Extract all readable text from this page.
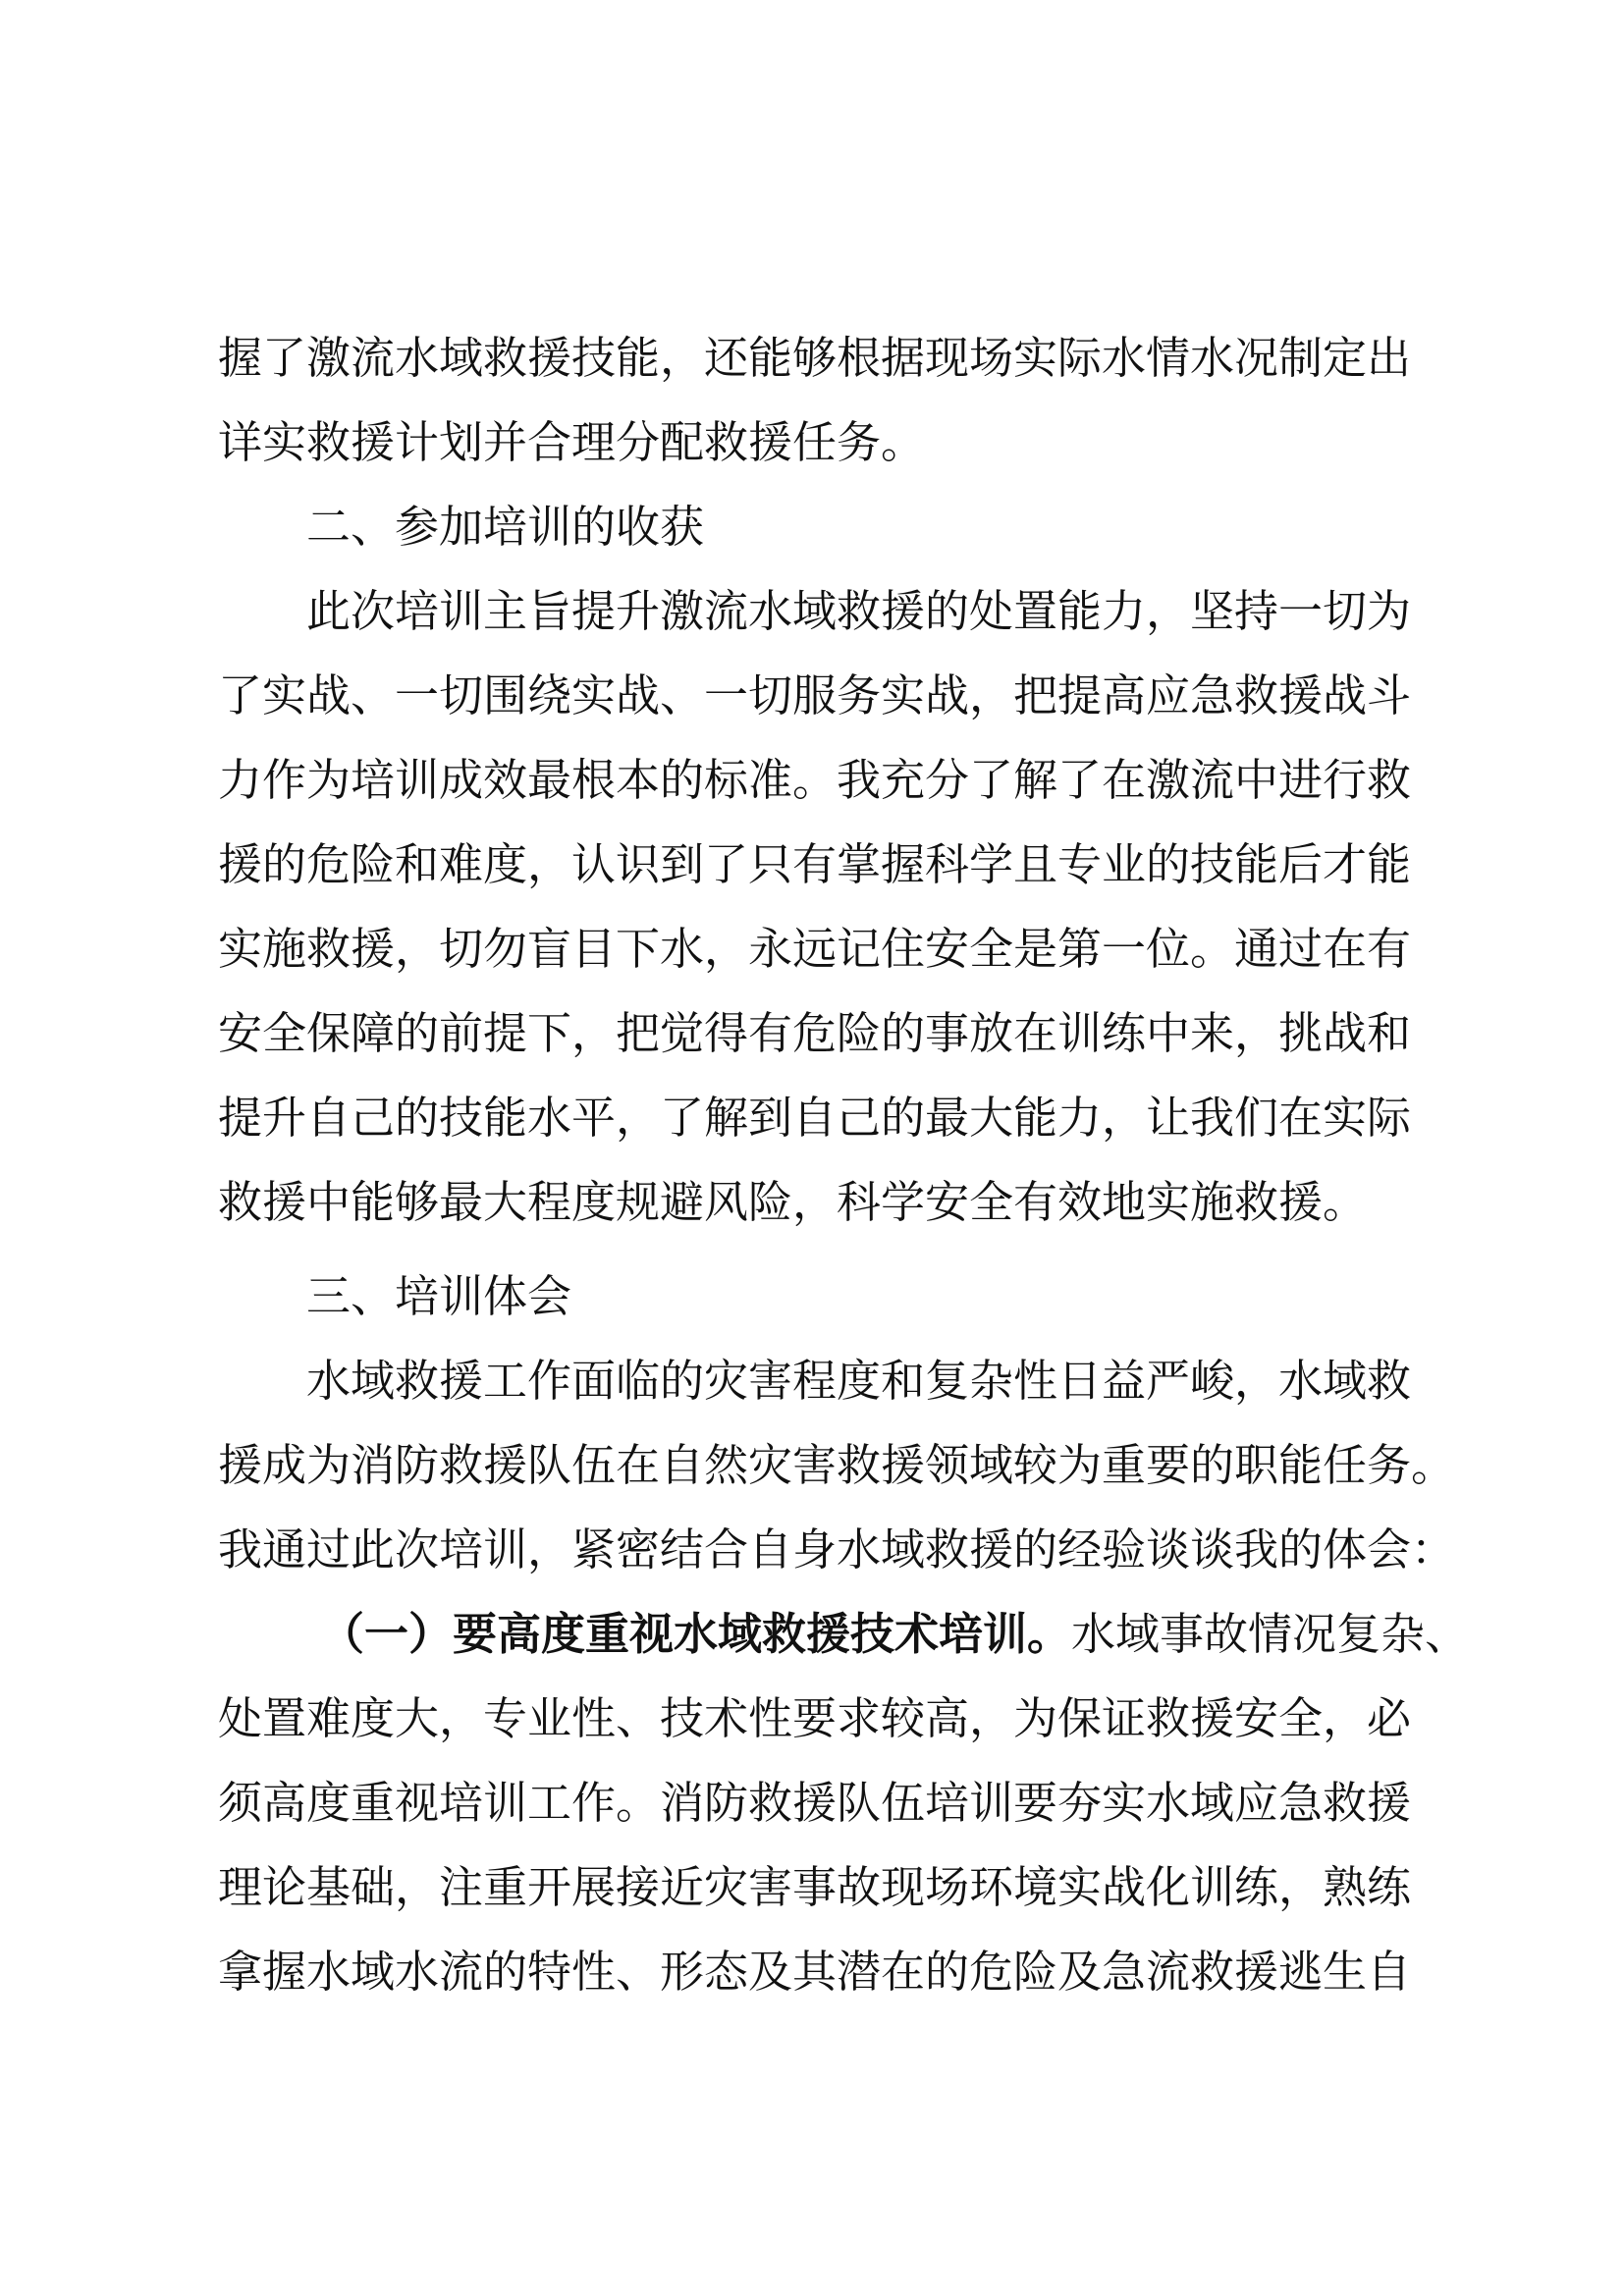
握了激流水域救援技能，还能够根据现场实际水情水况制定出
详实救援计划并合理分配救援任务。
二、参加培训的收获
此次培训主旨提升激流水域救援的处置能力，坚持一切为
了实战、一切围绕实战、一切服务实战，把提高应急救援战斗
力作为培训成效最根本的标准。我充分了解了在激流中进行救
援的危险和难度，认识到了只有掌握科学且专业的技能后才能
实施救援，切勿盲目下水，永远记住安全是第一位。通过在有
安全保障的前提下，把觉得有危险的事放在训练中来，挑战和
提升自己的技能水平，了解到自己的最大能力，让我们在实际
救援中能够最大程度规避风险，科学安全有效地实施救援。
三、培训体会
水域救援工作面临的灾害程度和复杂性日益严峻，水域救
援成为消防救援队伍在自然灾害救援领域较为重要的职能任务。
我通过此次培训，紧密结合自身水域救援的经验谈谈我的体会：
（一）要高度重视水域救援技术培训。水域事故情况复杂、
处置难度大，专业性、技术性要求较高，为保证救援安全，必
须高度重视培训工作。消防救援队伍培训要夯实水域应急救援
理论基础，注重开展接近灾害事故现场环境实战化训练，熟练
拿握水域水流的特性、形态及其潜在的危险及急流救援逃生自
